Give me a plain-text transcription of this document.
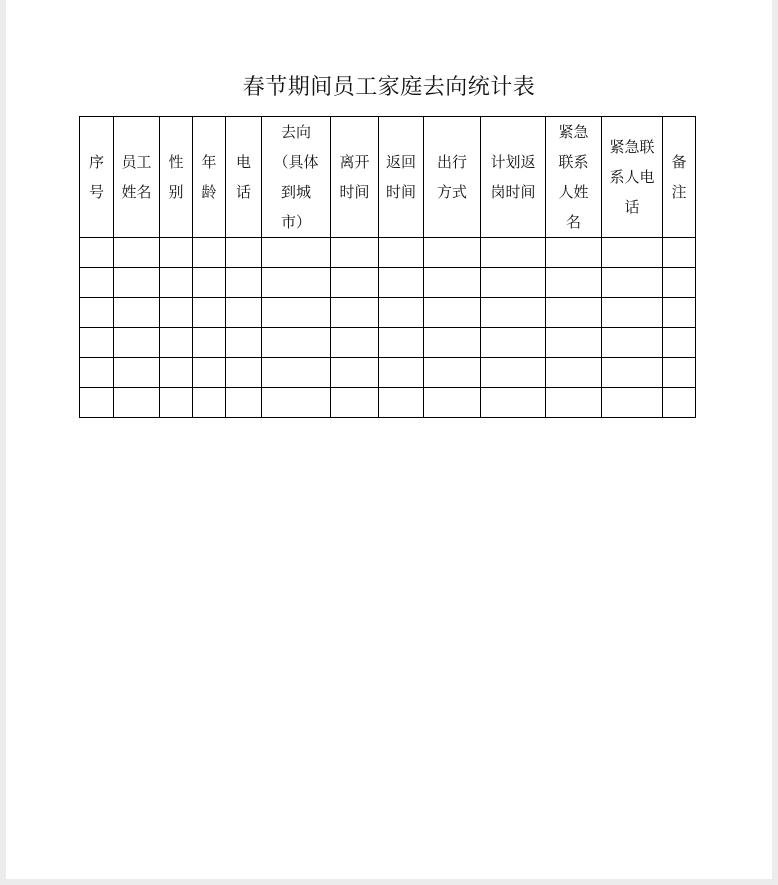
春节期间员工家庭去向统计表
序号	员工姓名	性别	年龄	电话	去向（具体到城市）	离开时间	返回时间	出行方式	计划返岗时间	紧急联系人姓名	紧急联系人电话	备注
